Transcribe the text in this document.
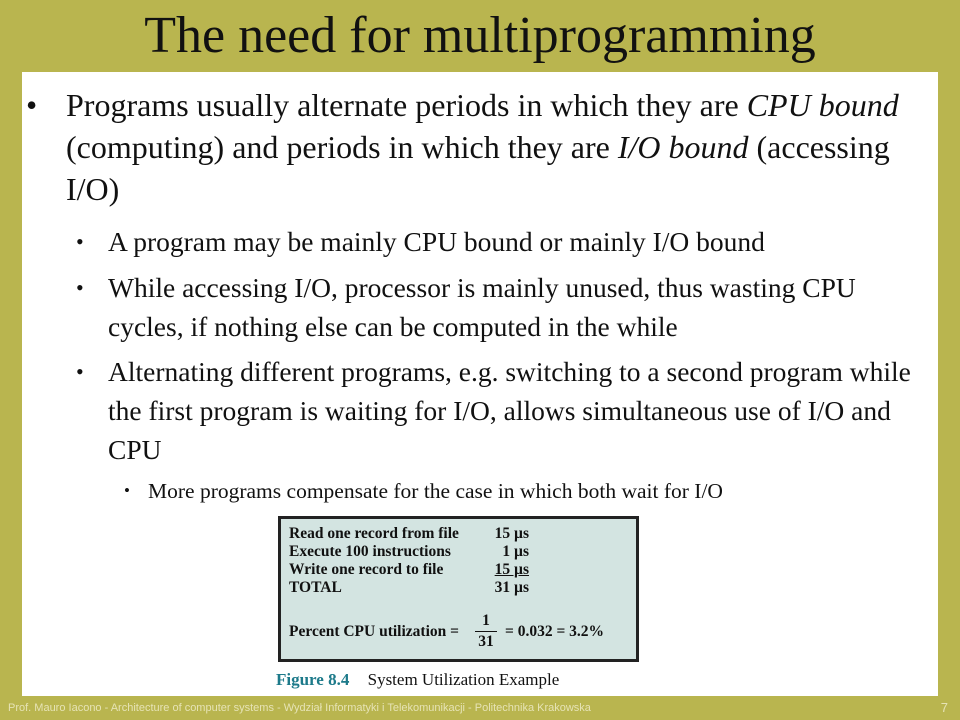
The need for multiprogramming

• Programs usually alternate periods in which they are CPU bound (computing) and periods in which they are I/O bound (accessing I/O)

• A program may be mainly CPU bound or mainly I/O bound

• While accessing I/O, processor is mainly unused, thus wasting CPU cycles, if nothing else can be computed in the while

• Alternating different programs, e.g. switching to a second program while the first program is waiting for I/O, allows simultaneous use of I/O and CPU

• More programs compensate for the case in which both wait for I/O

Read one record from file	15 µs
Execute 100 instructions	1 µs
Write one record to file	15 µs
TOTAL	31 µs
Percent CPU utilization = $\frac{1}{31} = 0.032 = 3.2\%$
Figure 8.4 System Utilization Example
Prof. Mauro Iacono - Architecture of computer systems - Wydział Informatyki i Telekomunikacji - Politechnika Krakowska	7
